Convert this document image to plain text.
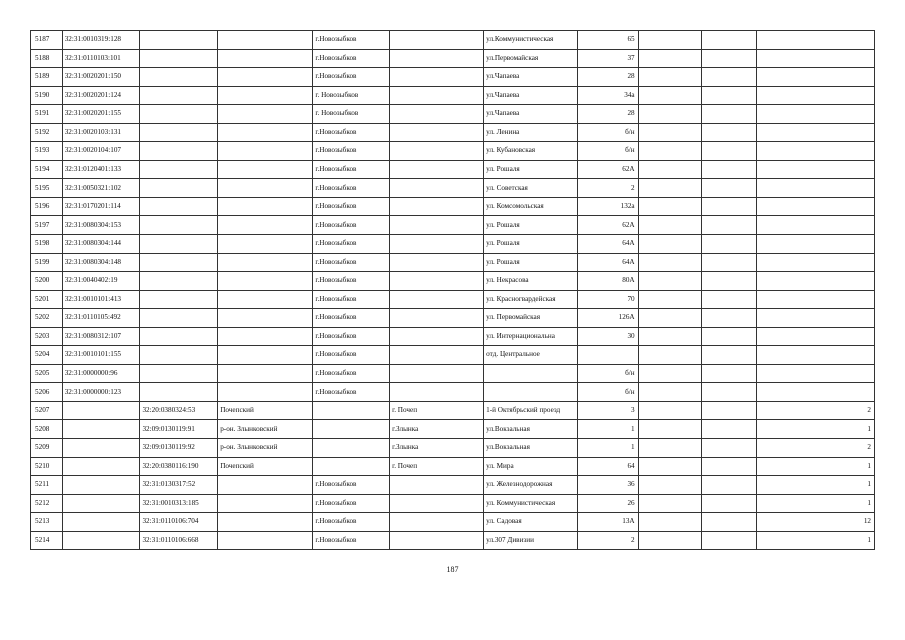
5187	32:31:0010319:128			г.Новозыбков		ул.Коммунистическая	65			
5188	32:31:0110103:101			г.Новозыбков		ул.Первомайская	37			
5189	32:31:0020201:150			г.Новозыбков		ул.Чапаева	28			
5190	32:31:0020201:124			г. Новозыбков		ул.Чапаева	34а			
5191	32:31:0020201:155			г. Новозыбков		ул.Чапаева	28			
5192	32:31:0020103:131			г.Новозыбков		ул. Ленина	б/н			
5193	32:31:0020104:107			г.Новозыбков		ул. Кубановская	б/н			
5194	32:31:0120401:133			г.Новозыбков		ул. Рошаля	62А			
5195	32:31:0050321:102			г.Новозыбков		ул. Советская	2			
5196	32:31:0170201:114			г.Новозыбков		ул. Комсомольская	132а			
5197	32:31:0080304:153			г.Новозыбков		ул. Рошаля	62А			
5198	32:31:0080304:144			г.Новозыбков		ул. Рошаля	64А			
5199	32:31:0080304:148			г.Новозыбков		ул. Рошаля	64А			
5200	32:31:0040402:19			г.Новозыбков		ул. Некрасова	80А			
5201	32:31:0010101:413			г.Новозыбков		ул. Красногвардейская	70			
5202	32:31:0110105:492			г.Новозыбков		ул. Первомайская	126А			
5203	32:31:0080312:107			г.Новозыбков		ул. Интернациональна	30			
5204	32:31:0010101:155			г.Новозыбков		отд. Центральное				
5205	32:31:0000000:96			г.Новозыбков			б/н			
5206	32:31:0000000:123			г.Новозыбков			б/н			
5207		32:20:0380324:53	Почепский		г. Почеп	1-й Октябрьский проезд	3			2
5208		32:09:0130119:91	р-он. Злынковский		г.Злынка	ул.Вокзальная	1			1
5209		32:09:0130119:92	р-он. Злынковский		г.Злынка	ул.Вокзальная	1			2
5210		32:20:0380116:190	Почепский		г. Почеп	ул. Мира	64			1
5211		32:31:0130317:52		г.Новозыбков		ул. Железнодорожная	36			1
5212		32:31:0010313:185		г.Новозыбков		ул. Коммунистическая	26			1
5213		32:31:0110106:704		г.Новозыбков		ул. Садовая	13А			12
5214		32:31:0110106:668		г.Новозыбков		ул.307 Дивизии	2			1
187
